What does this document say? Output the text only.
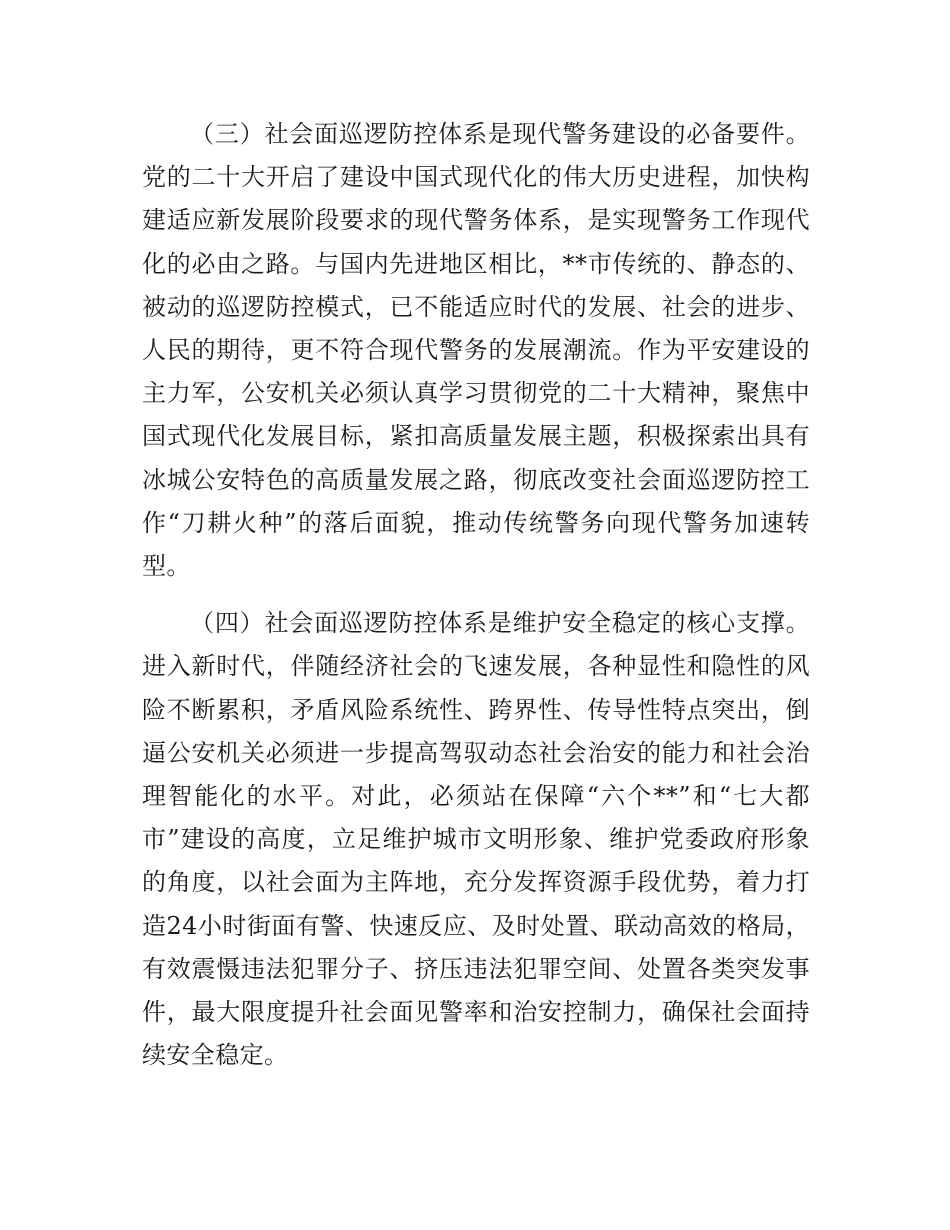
（三）社会面巡逻防控体系是现代警务建设的必备要件。党的二十大开启了建设中国式现代化的伟大历史进程，加快构建适应新发展阶段要求的现代警务体系，是实现警务工作现代化的必由之路。与国内先进地区相比，**市传统的、静态的、被动的巡逻防控模式，已不能适应时代的发展、社会的进步、人民的期待，更不符合现代警务的发展潮流。作为平安建设的主力军，公安机关必须认真学习贯彻党的二十大精神，聚焦中国式现代化发展目标，紧扣高质量发展主题，积极探索出具有冰城公安特色的高质量发展之路，彻底改变社会面巡逻防控工作“刀耕火种”的落后面貌，推动传统警务向现代警务加速转型。

（四）社会面巡逻防控体系是维护安全稳定的核心支撑。进入新时代，伴随经济社会的飞速发展，各种显性和隐性的风险不断累积，矛盾风险系统性、跨界性、传导性特点突出，倒逼公安机关必须进一步提高驾驭动态社会治安的能力和社会治理智能化的水平。对此，必须站在保障“六个**”和“七大都市”建设的高度，立足维护城市文明形象、维护党委政府形象的角度，以社会面为主阵地，充分发挥资源手段优势，着力打造24小时街面有警、快速反应、及时处置、联动高效的格局，有效震慑违法犯罪分子、挤压违法犯罪空间、处置各类突发事件，最大限度提升社会面见警率和治安控制力，确保社会面持续安全稳定。
